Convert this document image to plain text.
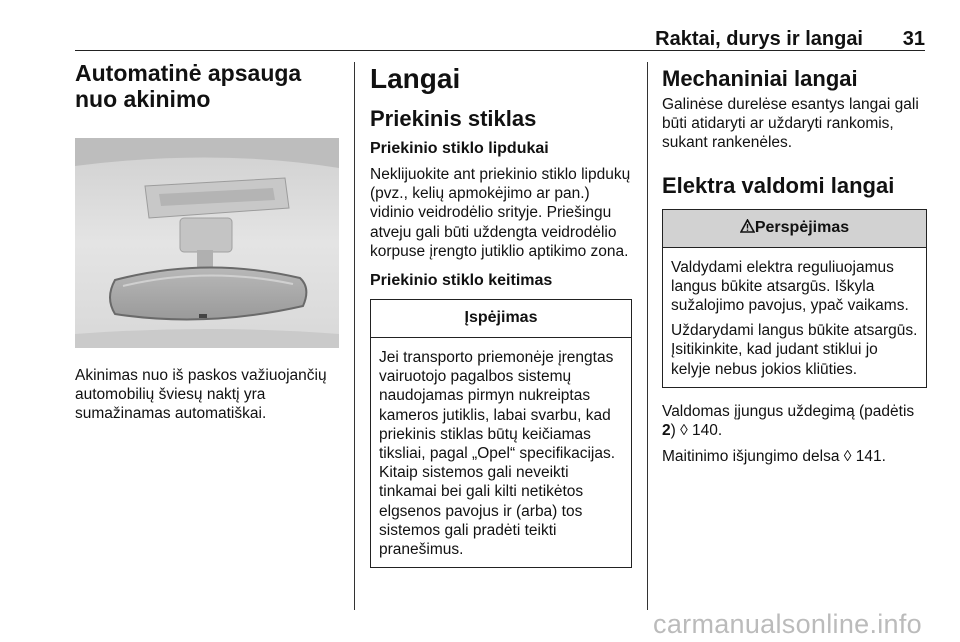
Raktai, durys ir langai 31
Automatinė apsauga nuo akinimo

Akinimas nuo iš paskos važiuojančių automobilių šviesų naktį yra sumažinamas automatiškai.

Langai
Priekinis stiklas
Priekinio stiklo lipdukai

Neklijuokite ant priekinio stiklo lipdukų (pvz., kelių apmokėjimo ar pan.) vidinio veidrodėlio srityje. Priešingu atveju gali būti uždengta veidrodėlio korpuse įrengto jutiklio aptikimo zona.

Priekinio stiklo keitimas
Įspėjimas

Jei transporto priemonėje įrengtas vairuotojo pagalbos sistemų naudojamas pirmyn nukreiptas kameros jutiklis, labai svarbu, kad priekinis stiklas būtų keičiamas tiksliai, pagal „Opel“ specifikacijas. Kitaip sistemos gali neveikti tinkamai bei gali kilti netikėtos elgsenos pavojus ir (arba) tos sistemos gali pradėti teikti pranešimus.

Mechaniniai langai

Galinėse durelėse esantys langai gali būti atidaryti ar uždaryti rankomis, sukant rankenėles.

Elektra valdomi langai
Perspėjimas

Valdydami elektra reguliuojamus langus būkite atsargūs. Iškyla sužalojimo pavojus, ypač vaikams.

Uždarydami langus būkite atsargūs. Įsitikinkite, kad judant stiklui jo kelyje nebus jokios kliūties.

Valdomas įjungus uždegimą (padėtis 2) ◊ 140.

Maitinimo išjungimo delsa ◊ 141.

carmanualsonline.info
